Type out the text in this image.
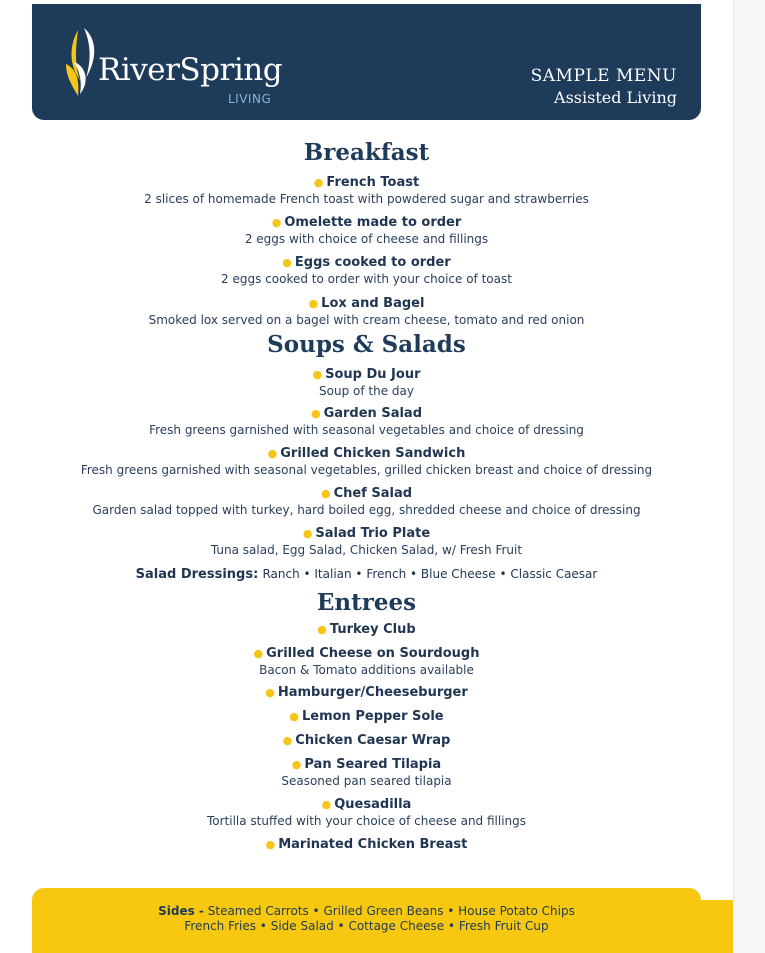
RiverSpring
LIVING
SAMPLE MENU
Assisted Living
Breakfast
● French Toast
2 slices of homemade French toast with powdered sugar and strawberries
● Omelette made to order
2 eggs with choice of cheese and fillings
● Eggs cooked to order
2 eggs cooked to order with your choice of toast
● Lox and Bagel
Smoked lox served on a bagel with cream cheese, tomato and red onion
Soups & Salads
● Soup Du Jour
Soup of the day
● Garden Salad
Fresh greens garnished with seasonal vegetables and choice of dressing
● Grilled Chicken Sandwich
Fresh greens garnished with seasonal vegetables, grilled chicken breast and choice of dressing
● Chef Salad
Garden salad topped with turkey, hard boiled egg, shredded cheese and choice of dressing
● Salad Trio Plate
Tuna salad, Egg Salad, Chicken Salad, w/ Fresh Fruit
Salad Dressings: Ranch • Italian • French • Blue Cheese • Classic Caesar
Entrees
● Turkey Club
● Grilled Cheese on Sourdough
Bacon & Tomato additions available
● Hamburger/Cheeseburger
● Lemon Pepper Sole
● Chicken Caesar Wrap
● Pan Seared Tilapia
Seasoned pan seared tilapia
● Quesadilla
Tortilla stuffed with your choice of cheese and fillings
● Marinated Chicken Breast
Sides - Steamed Carrots • Grilled Green Beans • House Potato Chips
French Fries • Side Salad • Cottage Cheese • Fresh Fruit Cup
